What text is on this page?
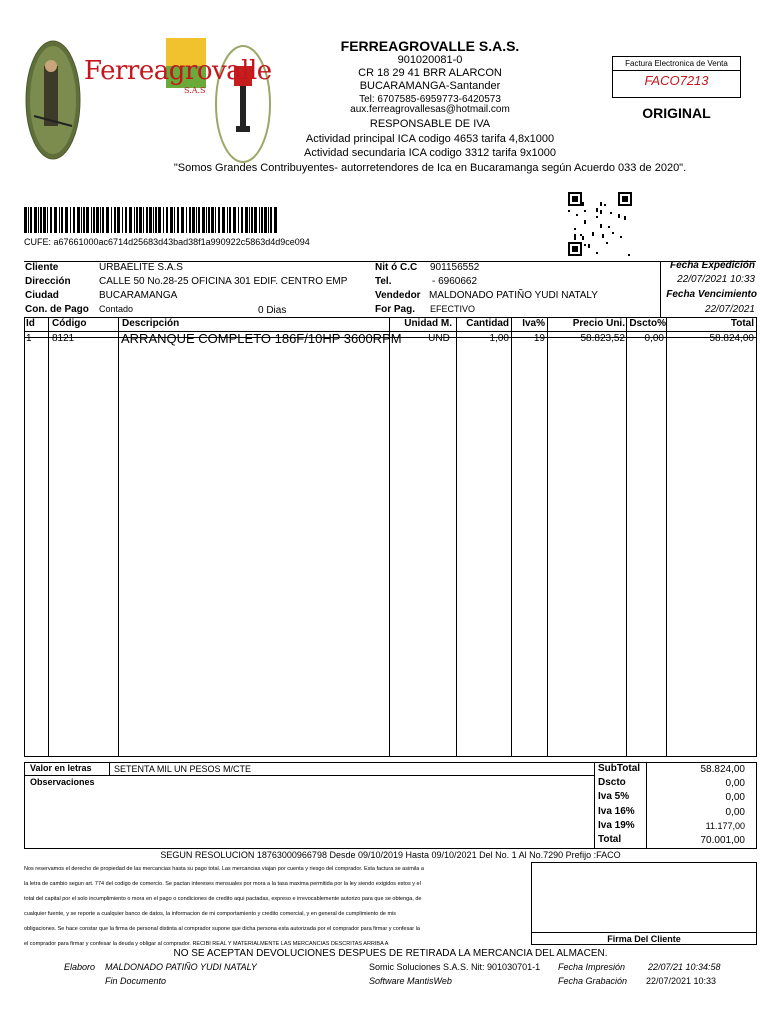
Ferreagrovalle
S.A.S
FERREAGROVALLE S.A.S.
901020081-0
CR 18 29 41 BRR ALARCON
BUCARAMANGA-Santander
Tel: 6707585-6959773-6420573
aux.ferreagrovallesas@hotmail.com
RESPONSABLE DE IVA
Actividad principal ICA codigo 4653 tarifa 4,8x1000
Actividad secundaria ICA codigo 3312 tarifa 9x1000
"Somos Grandes Contribuyentes- autorretendores de Ica en Bucaramanga según Acuerdo 033 de 2020".
Factura Electronica de Venta
FACO7213
ORIGINAL
CUFE: a67661000ac6714d25683d43bad38f1a990922c5863d4d9ce094
Cliente	URBAÉLITE S.A.S
Dirección	CALLE 50 No.28-25 OFICINA 301 EDIF. CENTRO EMP
Ciudad	BUCARAMANGA
Con. de Pago Contado	0 Dias
Nit ó C.C 901156552
Tel.	- 6960662
Vendedor MALDONADO PATIÑO YUDI NATALY
For Pag. EFECTIVO
Fecha Expedición
22/07/2021 10:33
Fecha Vencimiento
22/07/2021
Id Código	Descripción	Unidad M.	Cantidad	Iva%	Precio Uni. Dscto%	Total
1 8121	ARRANQUE COMPLETO 186F/10HP 3600RPM	UND	1,00	19	58.823,52	0,00	58.824,00
Valor en letras SETENTA MIL UN PESOS M/CTE
Observaciones
SubTotal	58.824,00
Dscto	0,00
Iva 5%	0,00
Iva 16%	0,00
Iva 19%	11.177,00
Total	70.001,00
SEGUN RESOLUCION 18763000966798 Desde 09/10/2019 Hasta 09/10/2021 Del No. 1 Al No.7290 Prefijo :FACO
Nos reservamos el derecho de propiedad de las mercancias hasta su pago total. Las mercancias viajan por cuenta y riesgo del comprador. Esta factura se asimila a
la letra de cambio segun art. 774 del codigo de comercio. Se pactan intereses mensuales por mora a la tasa maxima permitida por la ley siendo exigidos estos y el
total del capital por el solo incumplimiento o mora en el pago o condiciones de credito aqui pactadas, expreso e irrevocablemente autorizo para que se obtenga, de
cualquier fuente, y se reporte a cualquier banco de datos, la informacion de mi comportamiento y credito comercial, y en general de cumplimiento de mis
obligaciones. Se hace constar que la firma de personal distinta al comprador supone que dicha persona esta autorizada por el comprador para firmar y confesar la
el comprador para firmar y confesar la deuda y obligar al comprador. RECIBI REAL Y MATERIALMENTE LAS MERCANCIAS DESCRITAS ARRIBA A	Firma Del Cliente
NO SE ACEPTAN DEVOLUCIONES DESPUES DE RETIRADA LA MERCANCIA DEL ALMACEN.
Elaboro MALDONADO PATIÑO YUDI NATALY
Fin Documento
Somic Soluciones S.A.S. Nit: 901030701-1
Software MantisWeb
Fecha Impresión	22/07/21 10:34:58
Fecha Grabación 22/07/2021 10:33
